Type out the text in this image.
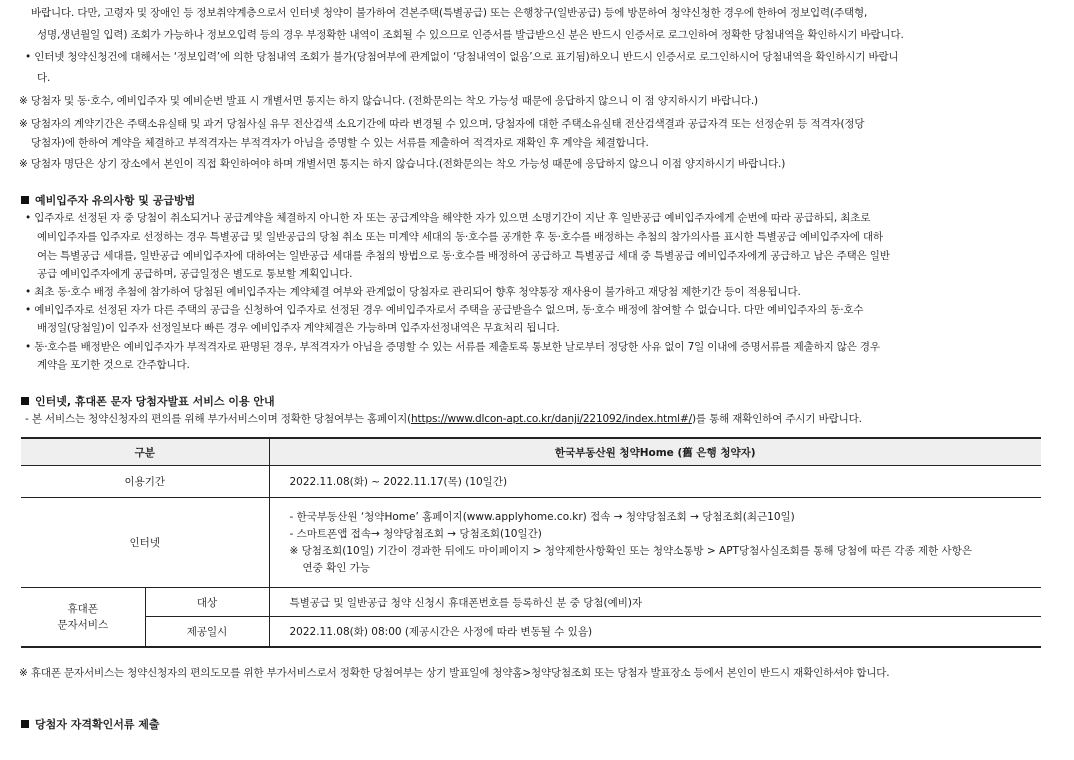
바랍니다. 다만, 고령자 및 장애인 등 정보취약계층으로서 인터넷 청약이 불가하여 견본주택(특별공급) 또는 은행창구(일반공급) 등에 방문하여 청약신청한 경우에 한하여 정보입력(주택형,
성명,생년월일 입력) 조회가 가능하나 정보오입력 등의 경우 부정확한 내역이 조회될 수 있으므로 인증서를 발급받으신 분은 반드시 인증서로 로그인하여 정확한 당첨내역을 확인하시기 바랍니다.
• 인터넷 청약신청건에 대해서는 ‘정보입력’에 의한 당첨내역 조회가 불가(당첨여부에 관계없이 ‘당첨내역이 없음’으로 표기됨)하오니 반드시 인증서로 로그인하시어 당첨내역을 확인하시기 바랍니
다.
※ 당첨자 및 동·호수, 예비입주자 및 예비순번 발표 시 개별서면 통지는 하지 않습니다. (전화문의는 착오 가능성 때문에 응답하지 않으니 이 점 양지하시기 바랍니다.)
※ 당첨자의 계약기간은 주택소유실태 및 과거 당첨사실 유무 전산검색 소요기간에 따라 변경될 수 있으며, 당첨자에 대한 주택소유실태 전산검색결과 공급자격 또는 선정순위 등 적격자(정당
당첨자)에 한하여 계약을 체결하고 부적격자는 부적격자가 아님을 증명할 수 있는 서류를 제출하여 적격자로 재확인 후 계약을 체결합니다.
※ 당첨자 명단은 상기 장소에서 본인이 직접 확인하여야 하며 개별서면 통지는 하지 않습니다.(전화문의는 착오 가능성 때문에 응답하지 않으니 이점 양지하시기 바랍니다.)
예비입주자 유의사항 및 공급방법
• 입주자로 선정된 자 중 당첨이 취소되거나 공급계약을 체결하지 아니한 자 또는 공급계약을 해약한 자가 있으면 소명기간이 지난 후 일반공급 예비입주자에게 순번에 따라 공급하되, 최초로
예비입주자를 입주자로 선정하는 경우 특별공급 및 일반공급의 당첨 취소 또는 미계약 세대의 동·호수를 공개한 후 동·호수를 배정하는 추첨의 참가의사를 표시한 특별공급 예비입주자에 대하
여는 특별공급 세대를, 일반공급 예비입주자에 대하여는 일반공급 세대를 추첨의 방법으로 동·호수를 배정하여 공급하고 특별공급 세대 중 특별공급 예비입주자에게 공급하고 남은 주택은 일반
공급 예비입주자에게 공급하며, 공급일정은 별도로 통보할 계획입니다.
• 최초 동·호수 배정 추첨에 참가하여 당첨된 예비입주자는 계약체결 여부와 관계없이 당첨자로 관리되어 향후 청약통장 재사용이 불가하고 재당첨 제한기간 등이 적용됩니다.
• 예비입주자로 선정된 자가 다른 주택의 공급을 신청하여 입주자로 선정된 경우 예비입주자로서 주택을 공급받을수 없으며, 동·호수 배정에 참여할 수 없습니다. 다만 예비입주자의 동·호수
배정일(당첨일)이 입주자 선정일보다 빠른 경우 예비입주자 계약체결은 가능하며 입주자선정내역은 무효처리 됩니다.
• 동·호수를 배정받은 예비입주자가 부적격자로 판명된 경우, 부적격자가 아님을 증명할 수 있는 서류를 제출토록 통보한 날로부터 정당한 사유 없이 7일 이내에 증명서류를 제출하지 않은 경우
계약을 포기한 것으로 간주합니다.
인터넷, 휴대폰 문자 당첨자발표 서비스 이용 안내
- 본 서비스는 청약신청자의 편의를 위해 부가서비스이며 정확한 당첨여부는 홈페이지(https://www.dlcon-apt.co.kr/danji/221092/index.html#/)를 통해 재확인하여 주시기 바랍니다.
구분		한국부동산원 청약Home (舊 은행 청약자)
이용기간		2022.11.08(화) ~ 2022.11.17(목) (10일간)
인터넷		- 한국부동산원 ‘청약Home’ 홈페이지(www.applyhome.co.kr) 접속 → 청약당첨조회 → 당첨조회(최근10일)
- 스마트폰앱 접속→ 청약당첨조회 → 당첨조회(10일간)
※ 당첨조회(10일) 기간이 경과한 뒤에도 마이페이지 > 청약제한사항확인 또는 청약소통방 > APT당첨사실조회를 통해 당첨에 따른 각종 제한 사항은
연중 확인 가능

휴대폰
문자서비스	대상	특별공급 및 일반공급 청약 신청시 휴대폰번호를 등록하신 분 중 당첨(예비)자
	제공일시	2022.11.08(화) 08:00 (제공시간은 사정에 따라 변동될 수 있음)
※ 휴대폰 문자서비스는 청약신청자의 편의도모를 위한 부가서비스로서 정확한 당첨여부는 상기 발표일에 청약홈>청약당첨조회 또는 당첨자 발표장소 등에서 본인이 반드시 재확인하셔야 합니다.
당첨자 자격확인서류 제출
